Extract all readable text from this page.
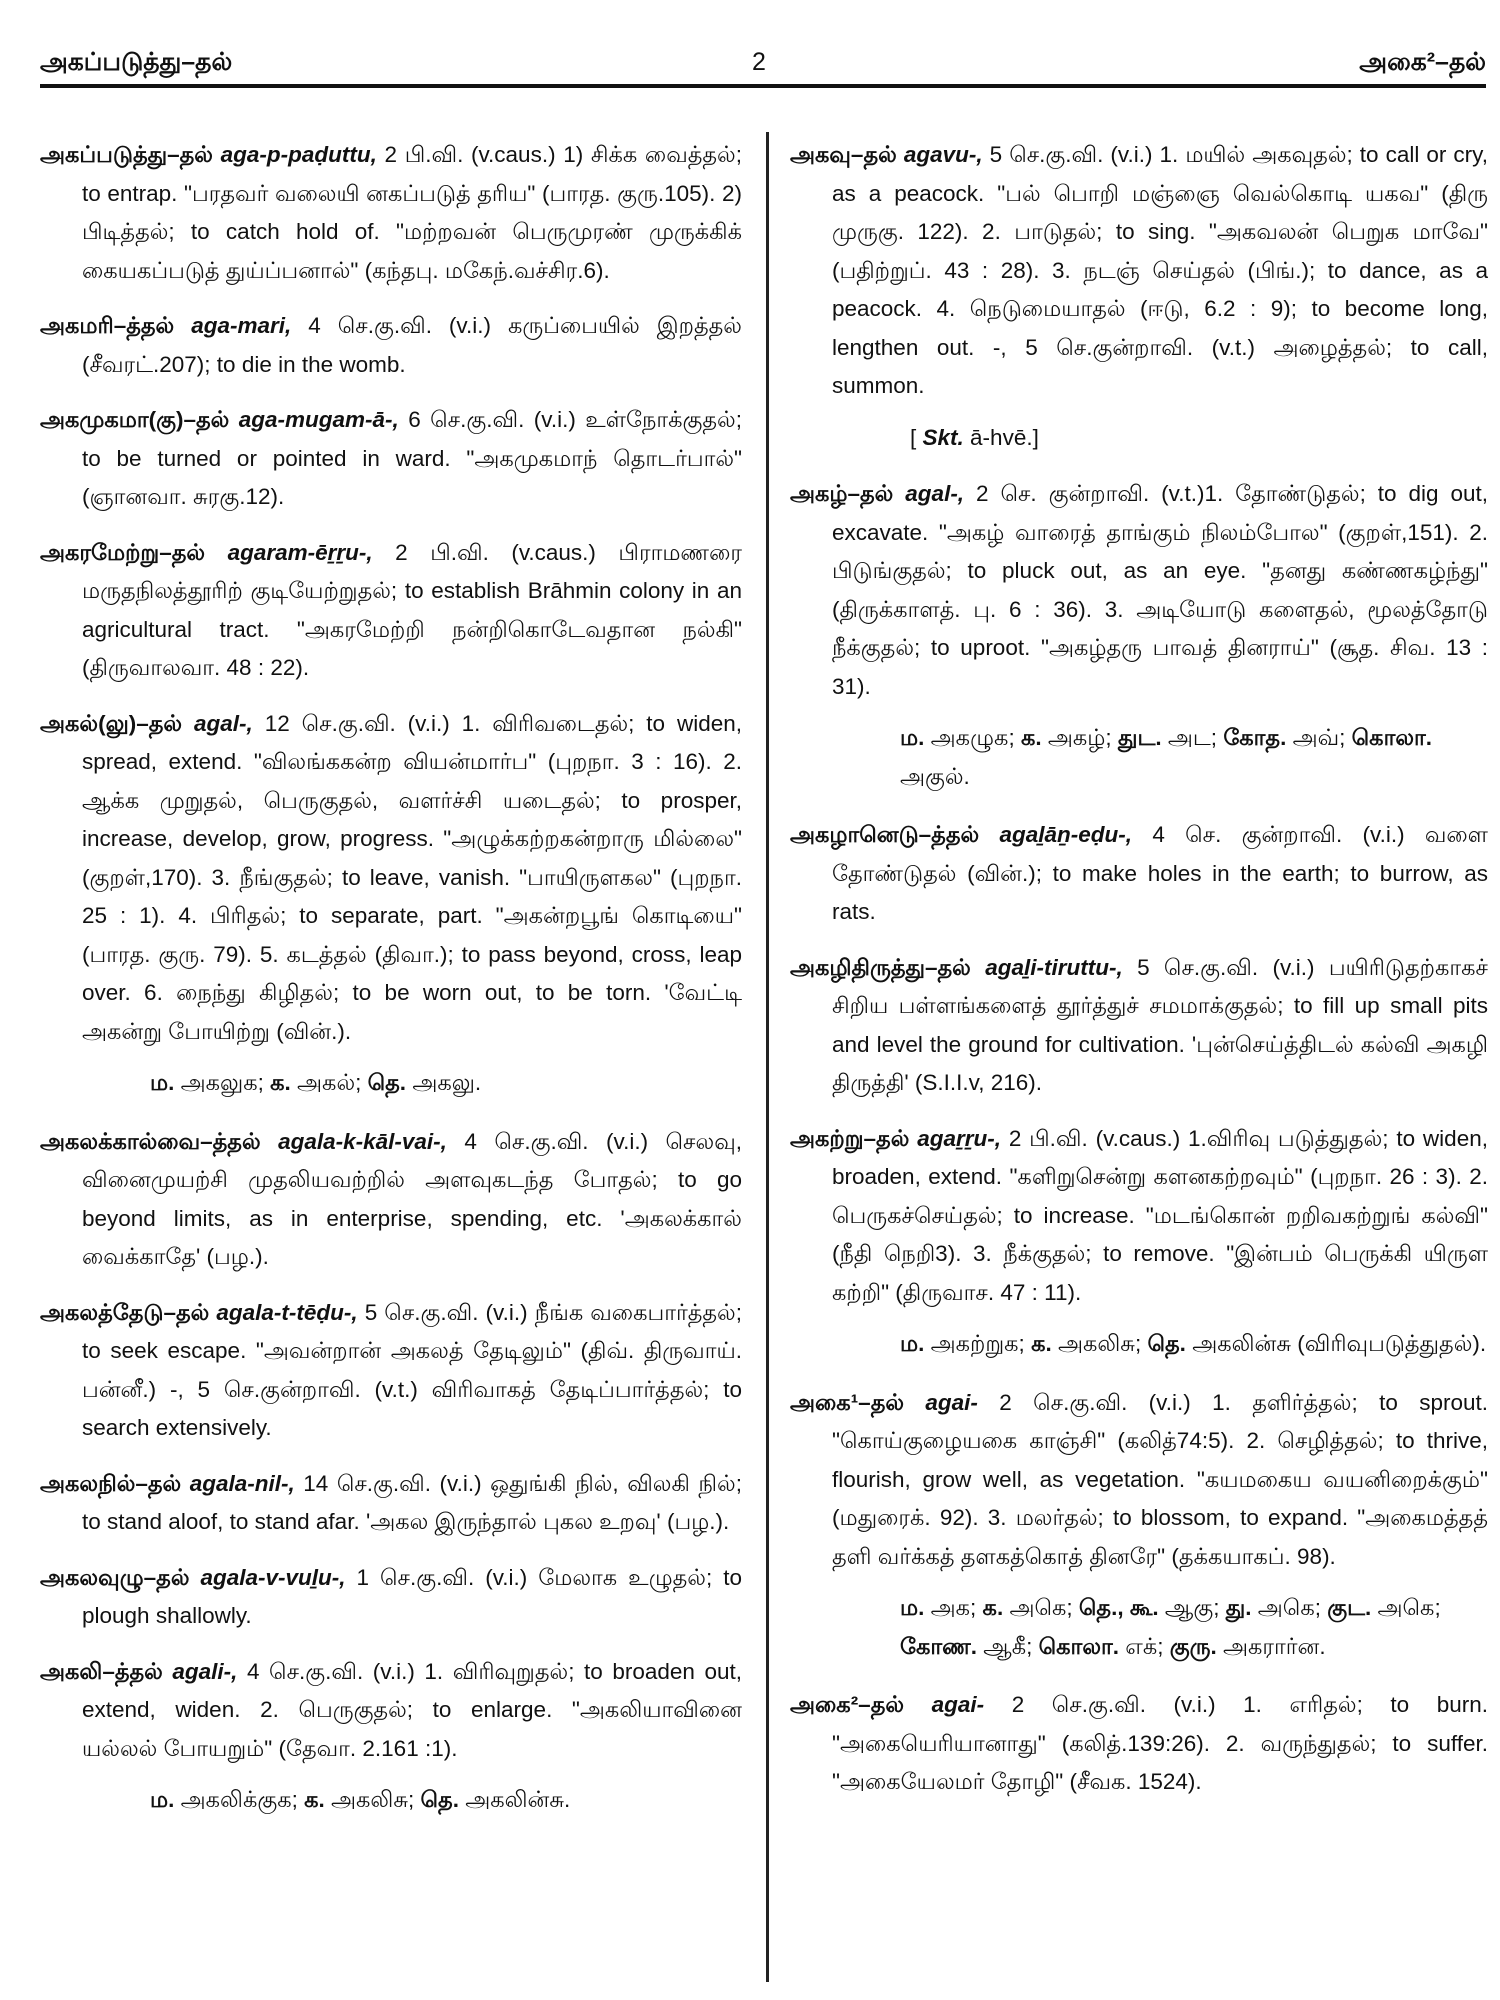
அகப்படுத்து–தல்	2	அகை²–தல்
அகப்படுத்து–தல் aga-p-paḍuttu, 2 பி.வி. (v.caus.) 1) சிக்க வைத்தல்; to entrap. "பரதவர் வலையி னகப்படுத் தரிய" (பாரத. குரு.105). 2) பிடித்தல்; to catch hold of. "மற்றவன் பெருமுரண் முருக்கிக் கையகப்படுத் துய்ப்பனால்" (கந்தபு. மகேந்.வச்சிர.6).
அகமரி–த்தல் aga-mari, 4 செ.கு.வி. (v.i.) கருப்பையில் இறத்தல் (சீவரட்.207); to die in the womb.
அகமுகமா(கு)–தல் aga-mugam-ā-, 6 செ.கு.வி. (v.i.) உள்நோக்குதல்; to be turned or pointed in ward. "அகமுகமாந் தொடர்பால்" (ஞானவா. சுரகு.12).
அகரமேற்று–தல் agaram-ēṟṟu-, 2 பி.வி. (v.caus.) பிராமணரை மருதநிலத்தூரிற் குடியேற்றுதல்; to establish Brāhmin colony in an agricultural tract. "அகரமேற்றி நன்றிகொடேவதான நல்கி" (திருவாலவா. 48 : 22).
அகல்(லு)–தல் agal-, 12 செ.கு.வி. (v.i.) 1. விரிவடைதல்; to widen, spread, extend. "விலங்ககன்ற வியன்மார்ப" (புறநா. 3 : 16). 2. ஆக்க முறுதல், பெருகுதல், வளர்ச்சி யடைதல்; to prosper, increase, develop, grow, progress. "அழுக்கற்றகன்றாரு மில்லை" (குறள்,170). 3. நீங்குதல்; to leave, vanish. "பாயிருளகல" (புறநா. 25 : 1). 4. பிரிதல்; to separate, part. "அகன்றபூங் கொடியை" (பாரத. குரு. 79). 5. கடத்தல் (திவா.); to pass beyond, cross, leap over. 6. நைந்து கிழிதல்; to be worn out, to be torn. 'வேட்டி அகன்று போயிற்று (வின்.).
ம. அகலுக; க. அகல்; தெ. அகலு.
அகலக்கால்வை–த்தல் agala-k-kāl-vai-, 4 செ.கு.வி. (v.i.) செலவு, வினைமுயற்சி முதலியவற்றில் அளவுகடந்த போதல்; to go beyond limits, as in enterprise, spending, etc. 'அகலக்கால் வைக்காதே' (பழ.).
அகலத்தேடு–தல் agala-t-tēḍu-, 5 செ.கு.வி. (v.i.) நீங்க வகைபார்த்தல்; to seek escape. "அவன்றான் அகலத் தேடிலும்" (திவ். திருவாய். பன்னீ.) -, 5 செ.குன்றாவி. (v.t.) விரிவாகத் தேடிப்பார்த்தல்; to search extensively.
அகலநில்–தல் agala-nil-, 14 செ.கு.வி. (v.i.) ஒதுங்கி நில், விலகி நில்; to stand aloof, to stand afar. 'அகல இருந்தால் புகல உறவு' (பழ.).
அகலவுழு–தல் agala-v-vuḻu-, 1 செ.கு.வி. (v.i.) மேலாக உழுதல்; to plough shallowly.
அகலி–த்தல் agali-, 4 செ.கு.வி. (v.i.) 1. விரிவுறுதல்; to broaden out, extend, widen. 2. பெருகுதல்; to enlarge. "அகலியாவினை யல்லல் போயறும்" (தேவா. 2.161 :1).
ம. அகலிக்குக; க. அகலிசு; தெ. அகலின்சு.
அகவு–தல் agavu-, 5 செ.கு.வி. (v.i.) 1. மயில் அகவுதல்; to call or cry, as a peacock. "பல் பொறி மஞ்ஞை வெல்கொடி யகவ" (திரு முருகு. 122). 2. பாடுதல்; to sing. "அகவலன் பெறுக மாவே" (பதிற்றுப். 43 : 28). 3. நடஞ் செய்தல் (பிங்.); to dance, as a peacock. 4. நெடுமையாதல் (ஈடு, 6.2 : 9); to become long, lengthen out. -, 5 செ.குன்றாவி. (v.t.) அழைத்தல்; to call, summon.
[ Skt. ā-hvē.]
அகழ்–தல் agal-, 2 செ. குன்றாவி. (v.t.)1. தோண்டுதல்; to dig out, excavate. "அகழ் வாரைத் தாங்கும் நிலம்போல" (குறள்,151). 2. பிடுங்குதல்; to pluck out, as an eye. "தனது கண்ணகழ்ந்து" (திருக்காளத். பு. 6 : 36). 3. அடியோடு களைதல், மூலத்தோடு நீக்குதல்; to uproot. "அகழ்தரு பாவத் தினராய்" (சூத. சிவ. 13 : 31).
ம. அகழுக; க. அகழ்; துட. அட; கோத. அவ்; கொலா. அகுல்.
அகழானெடு–த்தல் agaḻāṉ-eḍu-, 4 செ. குன்றாவி. (v.i.) வளை தோண்டுதல் (வின்.); to make holes in the earth; to burrow, as rats.
அகழிதிருத்து–தல் agaḻi-tiruttu-, 5 செ.கு.வி. (v.i.) பயிரிடுதற்காகச் சிறிய பள்ளங்களைத் தூர்த்துச் சமமாக்குதல்; to fill up small pits and level the ground for cultivation. 'புன்செய்த்திடல் கல்வி அகழி திருத்தி' (S.I.I.v, 216).
அகற்று–தல் agaṟṟu-, 2 பி.வி. (v.caus.) 1.விரிவு படுத்துதல்; to widen, broaden, extend. "களிறுசென்று களனகற்றவும்" (புறநா. 26 : 3). 2. பெருகச்செய்தல்; to increase. "மடங்கொன் றறிவகற்றுங் கல்வி" (நீதி நெறி3). 3. நீக்குதல்; to remove. "இன்பம் பெருக்கி யிருள கற்றி" (திருவாச. 47 : 11).
ம. அகற்றுக; க. அகலிசு; தெ. அகலின்சு (விரிவுபடுத்துதல்).
அகை¹–தல் agai- 2 செ.கு.வி. (v.i.) 1. தளிர்த்தல்; to sprout. "கொய்குழையகை காஞ்சி" (கலித்74:5). 2. செழித்தல்; to thrive, flourish, grow well, as vegetation. "கயமகைய வயனிறைக்கும்" (மதுரைக். 92). 3. மலர்தல்; to blossom, to expand. "அகைமத்தத் தளி வர்க்கத் தளகத்கொத் தினரே" (தக்கயாகப். 98).
ம. அக; க. அகெ; தெ., கூ. ஆகு; து. அகெ; குட. அகெ; கோண. ஆகீ; கொலா. எக்; குரு. அகரார்ன.
அகை²–தல் agai- 2 செ.கு.வி. (v.i.) 1. எரிதல்; to burn. "அகையெரியானாது" (கலித்.139:26). 2. வருந்துதல்; to suffer. "அகையேலமர் தோழி" (சீவக. 1524).
